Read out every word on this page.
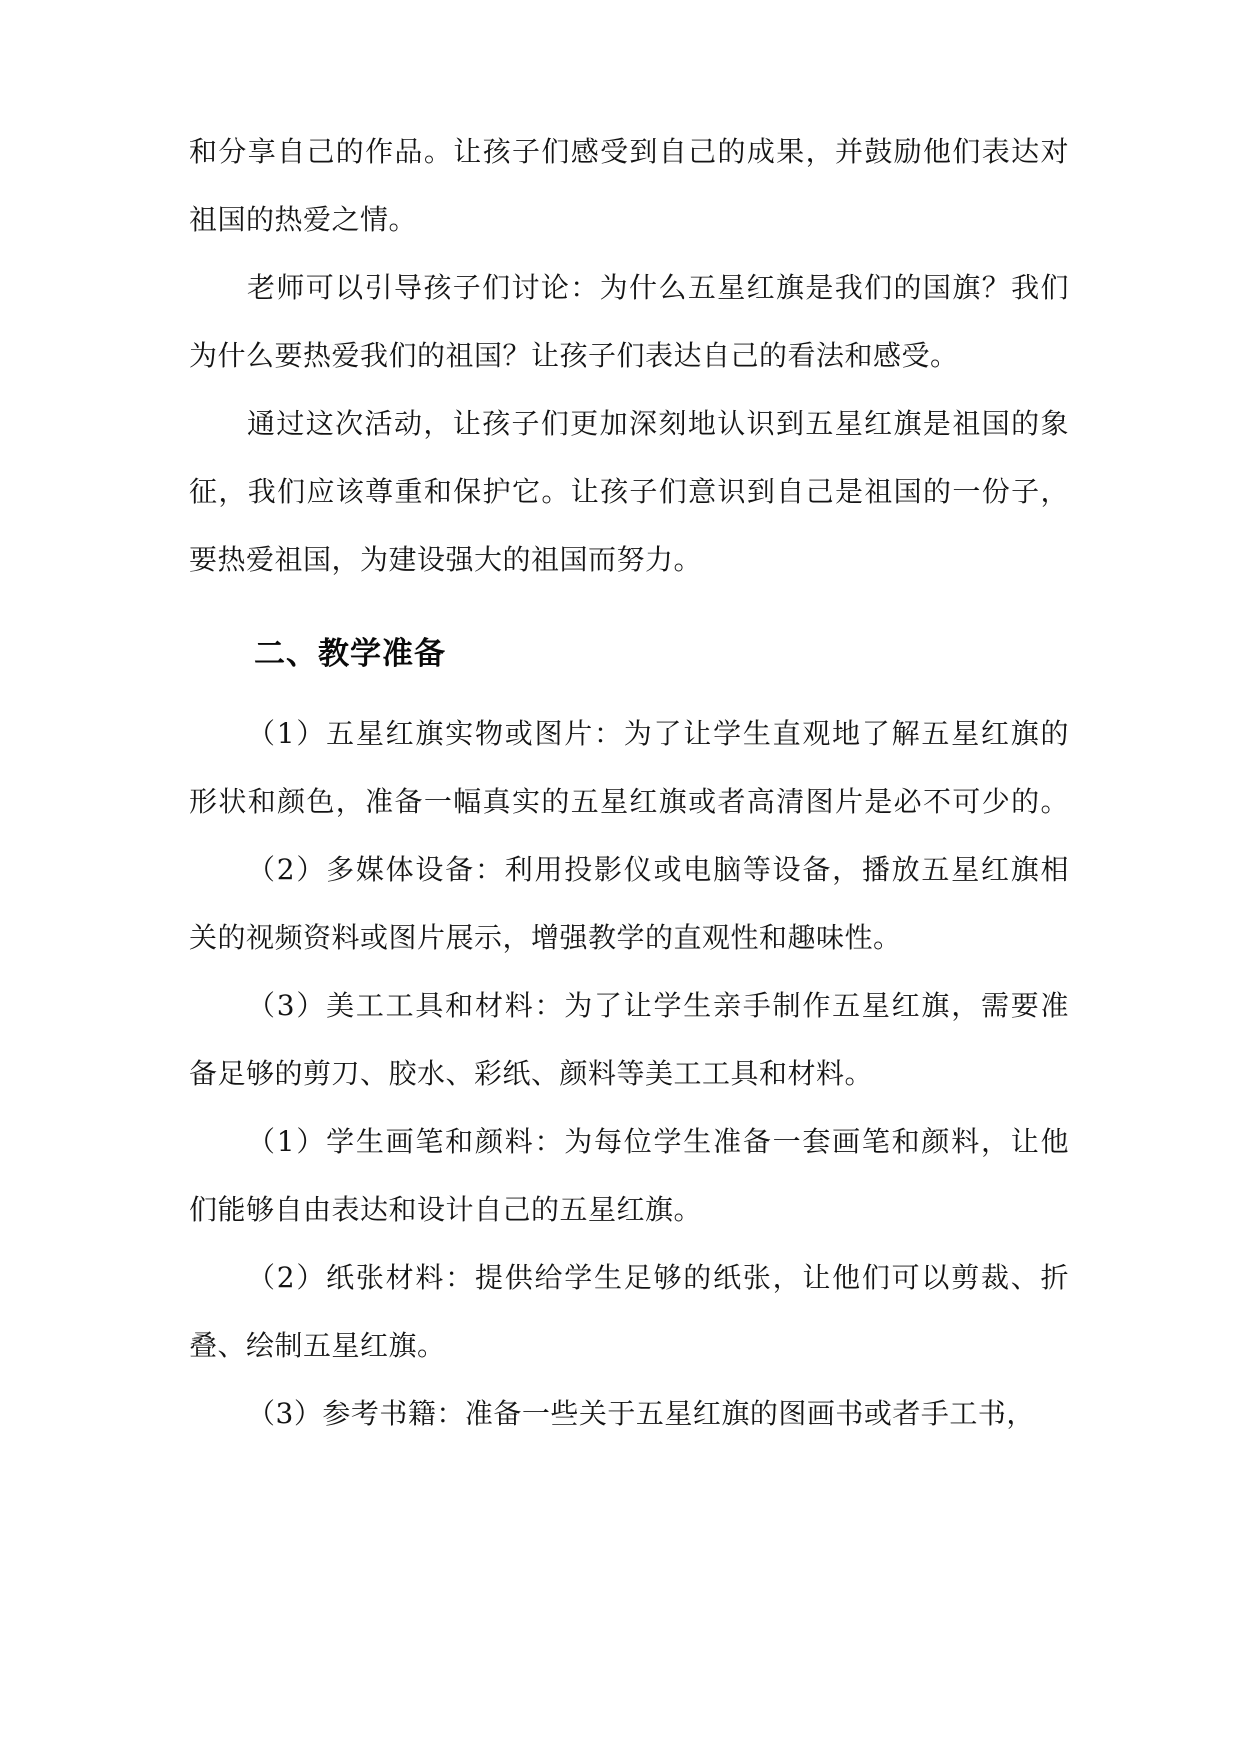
和分享自己的作品。让孩子们感受到自己的成果，并鼓励他们表达对
祖国的热爱之情。
老师可以引导孩子们讨论：为什么五星红旗是我们的国旗？我们
为什么要热爱我们的祖国？让孩子们表达自己的看法和感受。
通过这次活动，让孩子们更加深刻地认识到五星红旗是祖国的象
征，我们应该尊重和保护它。让孩子们意识到自己是祖国的一份子，
要热爱祖国，为建设强大的祖国而努力。
二、教学准备
（1）五星红旗实物或图片：为了让学生直观地了解五星红旗的
形状和颜色，准备一幅真实的五星红旗或者高清图片是必不可少的。
（2）多媒体设备：利用投影仪或电脑等设备，播放五星红旗相
关的视频资料或图片展示，增强教学的直观性和趣味性。
（3）美工工具和材料：为了让学生亲手制作五星红旗，需要准
备足够的剪刀、胶水、彩纸、颜料等美工工具和材料。
（1）学生画笔和颜料：为每位学生准备一套画笔和颜料，让他
们能够自由表达和设计自己的五星红旗。
（2）纸张材料：提供给学生足够的纸张，让他们可以剪裁、折
叠、绘制五星红旗。
（3）参考书籍：准备一些关于五星红旗的图画书或者手工书，
